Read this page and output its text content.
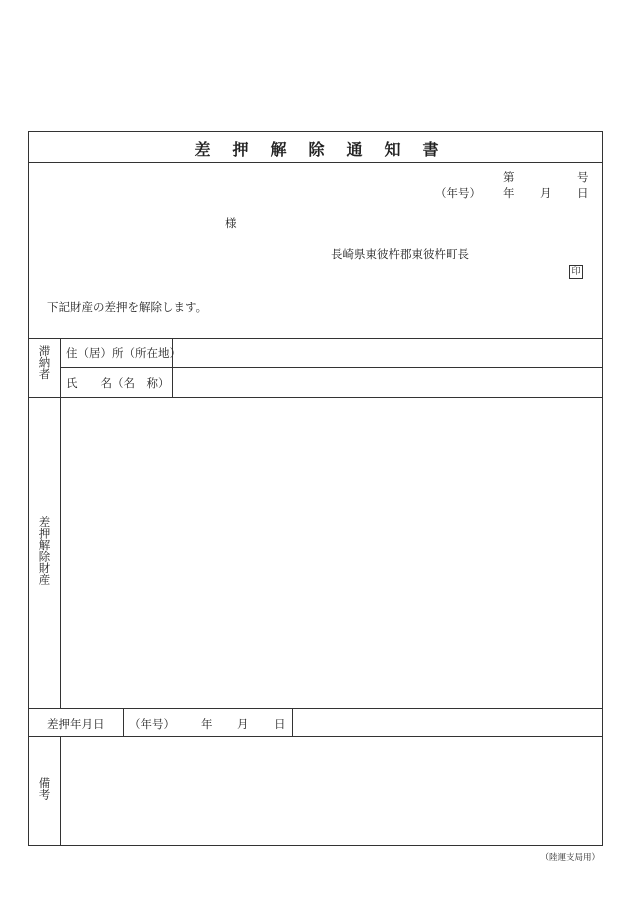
差押解除通知書
第	号
（年号） 年 月 日
様
長崎県東彼杵郡東彼杵町長
印
下記財産の差押を解除します。
滞納者 住（居）所（所在地）
氏　　名（名　称）
差押解除財産
差押年月日 （年号） 年 月 日
備考
（陸運支局用）
